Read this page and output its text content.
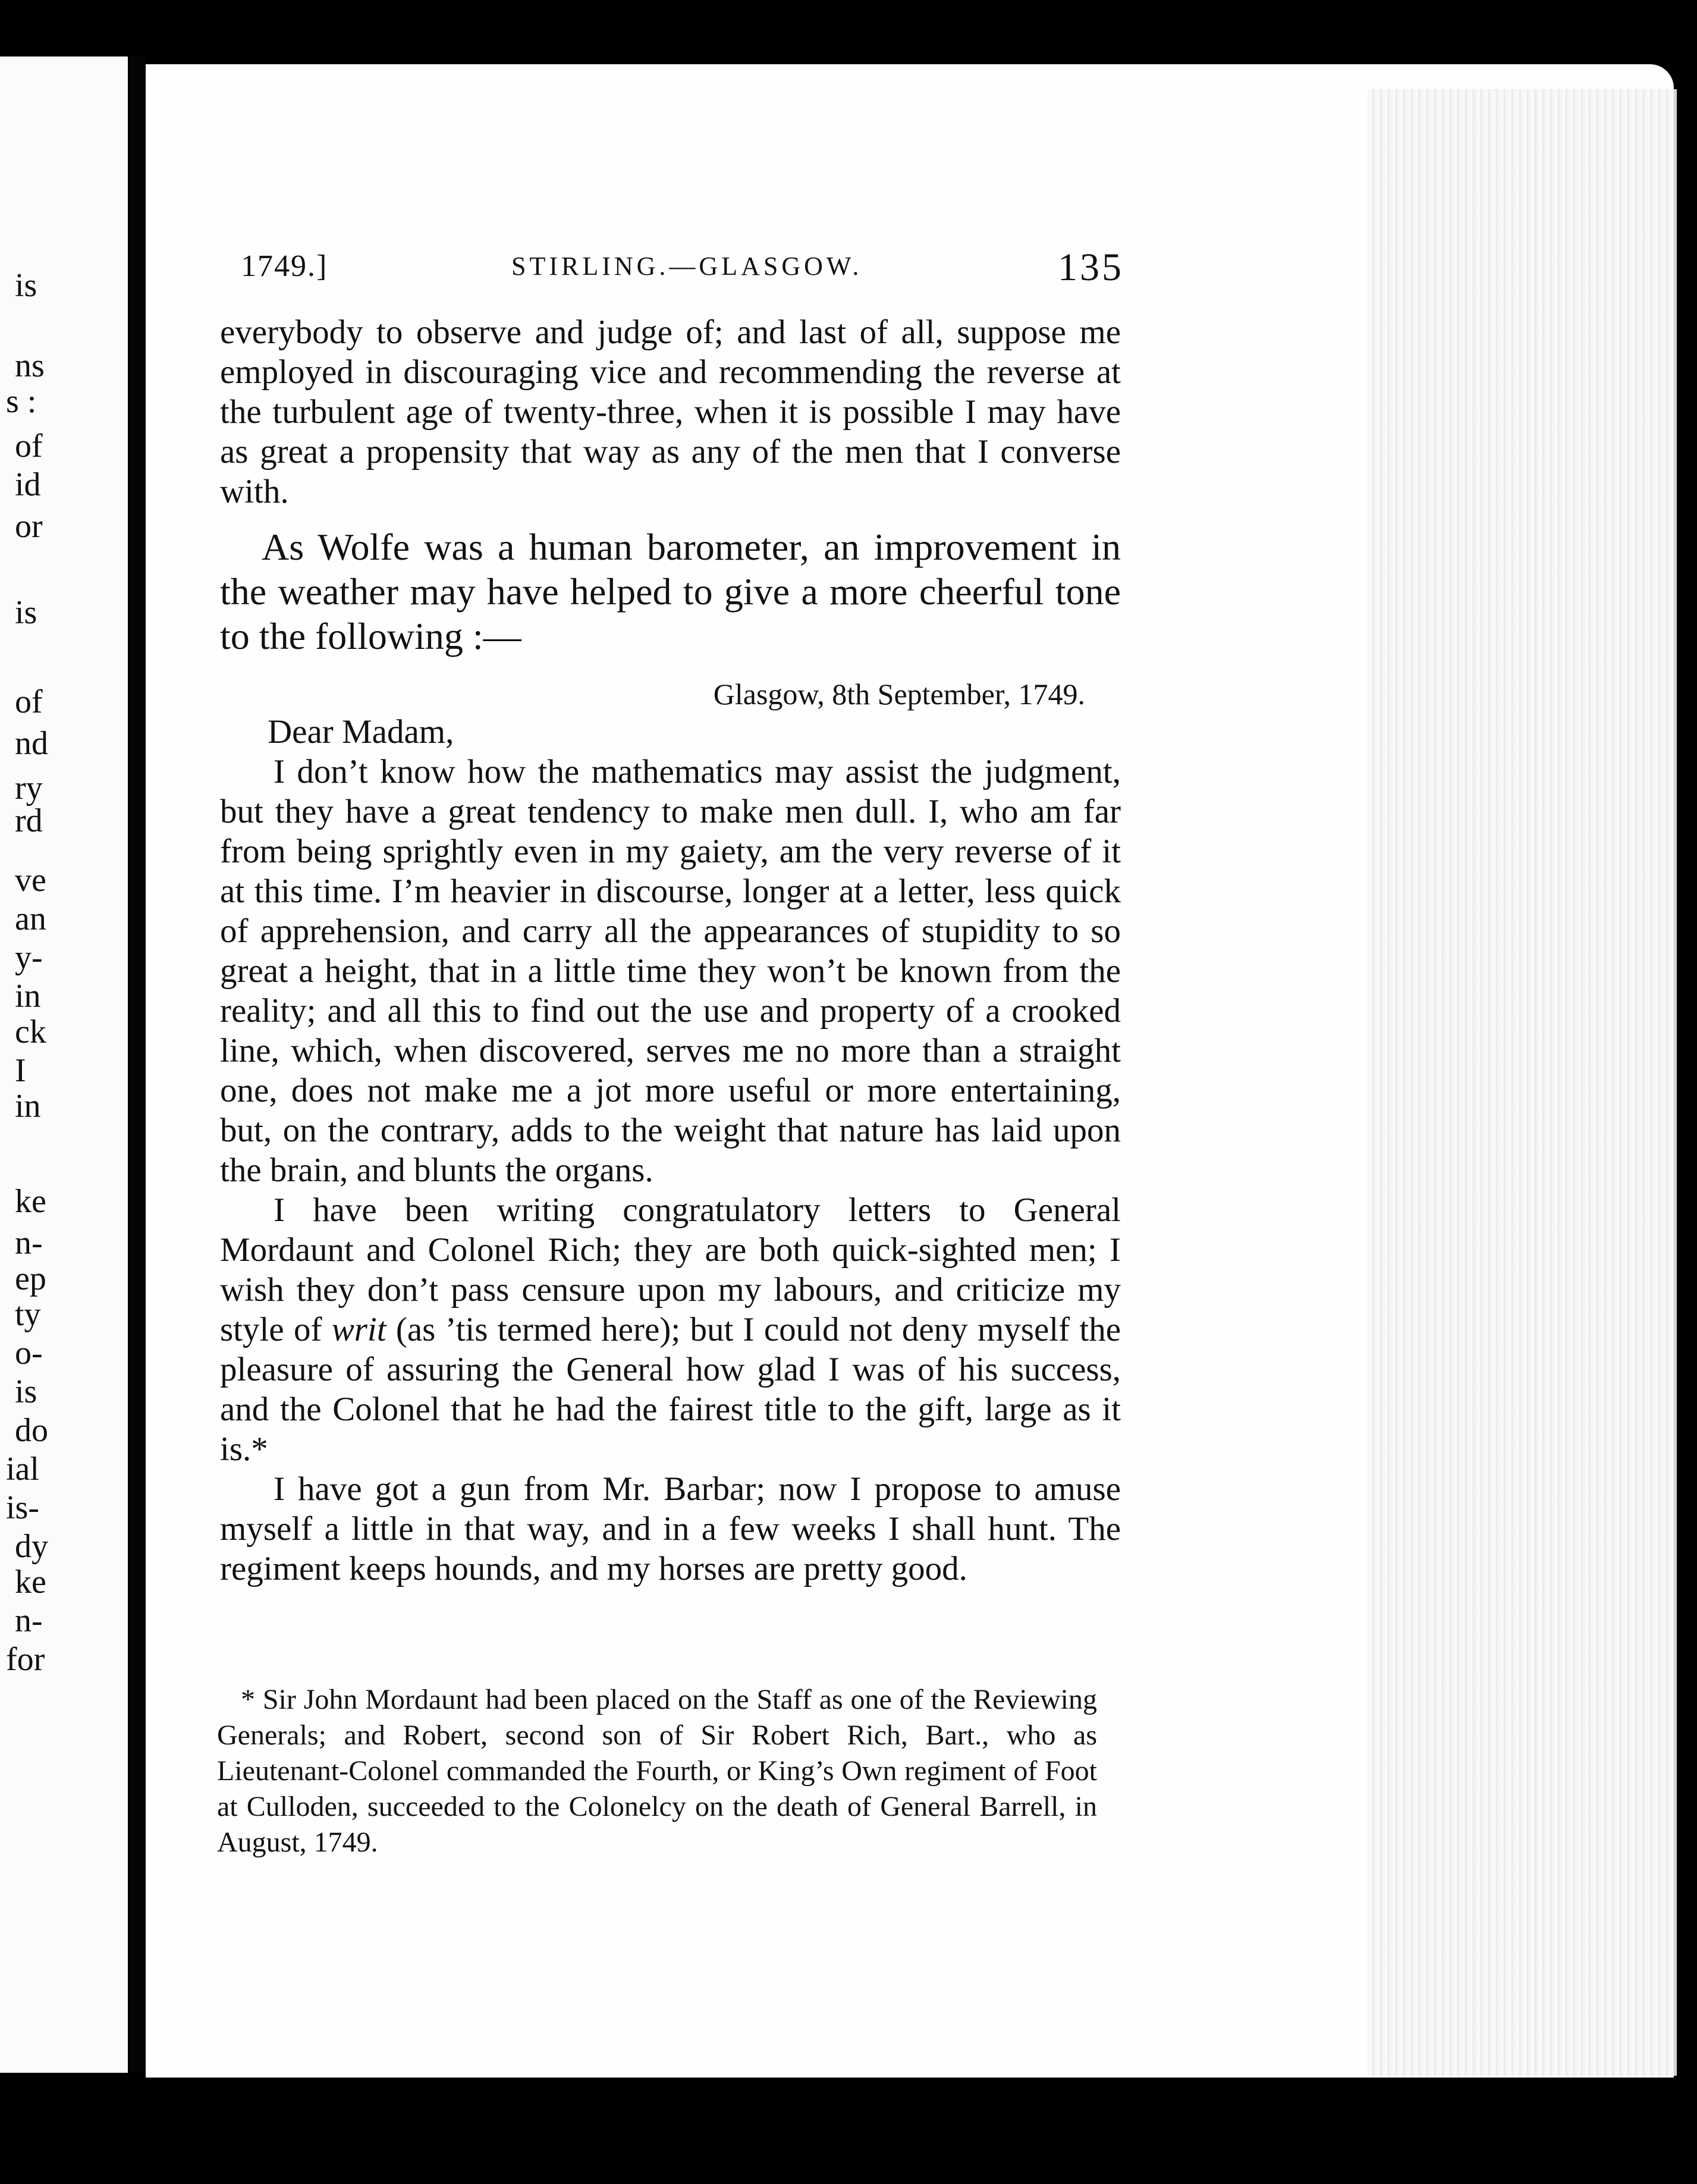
is
ns
s :
of
id
or
is
of
nd
ry
rd
ve
an
y-
in
ck
I
in
ke
n-
ep
ty
o-
is
do
ial
is-
dy
ke
n-
for
1749.]	STIRLING.—GLASGOW.	135

everybody to observe and judge of; and last of all, suppose me employed in discouraging vice and recommending the reverse at the turbulent age of twenty-three, when it is possible I may have as great a propensity that way as any of the men that I converse with.

As Wolfe was a human barometer, an improvement in the weather may have helped to give a more cheerful tone to the following :—

Glasgow, 8th September, 1749.

Dear Madam,

I don’t know how the mathematics may assist the judgment, but they have a great tendency to make men dull. I, who am far from being sprightly even in my gaiety, am the very reverse of it at this time. I’m heavier in discourse, longer at a letter, less quick of apprehension, and carry all the appearances of stupidity to so great a height, that in a little time they won’t be known from the reality; and all this to find out the use and property of a crooked line, which, when discovered, serves me no more than a straight one, does not make me a jot more useful or more entertaining, but, on the contrary, adds to the weight that nature has laid upon the brain, and blunts the organs.

I have been writing congratulatory letters to General Mordaunt and Colonel Rich; they are both quick-sighted men; I wish they don’t pass censure upon my labours, and criticize my style of writ (as ’tis termed here); but I could not deny myself the pleasure of assuring the General how glad I was of his success, and the Colonel that he had the fairest title to the gift, large as it is.*

I have got a gun from Mr. Barbar; now I propose to amuse myself a little in that way, and in a few weeks I shall hunt. The regiment keeps hounds, and my horses are pretty good.

* Sir John Mordaunt had been placed on the Staff as one of the Reviewing Generals; and Robert, second son of Sir Robert Rich, Bart., who as Lieutenant-Colonel commanded the Fourth, or King’s Own regiment of Foot at Culloden, succeeded to the Colonelcy on the death of General Barrell, in August, 1749.
